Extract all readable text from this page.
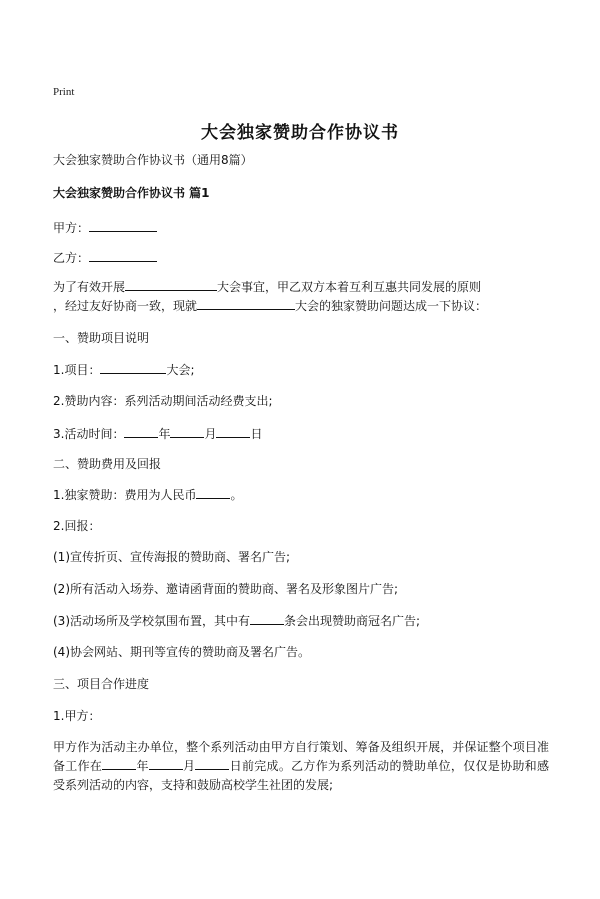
Print
大会独家赞助合作协议书
大会独家赞助合作协议书（通用8篇）
大会独家赞助合作协议书 篇1
甲方：
乙方：
为了有效开展	大会事宜，甲乙双方本着互利互惠共同发展的原则
，经过友好协商一致，现就	大会的独家赞助问题达成一下协议：
一、赞助项目说明
1.项目：	大会;
2.赞助内容：系列活动期间活动经费支出;
3.活动时间：	年	月	日
二、赞助费用及回报
1.独家赞助：费用为人民币	。
2.回报：
(1)宣传折页、宣传海报的赞助商、署名广告;
(2)所有活动入场券、邀请函背面的赞助商、署名及形象图片广告;
(3)活动场所及学校氛围布置，其中有	条会出现赞助商冠名广告;
(4)协会网站、期刊等宣传的赞助商及署名广告。
三、项目合作进度
1.甲方：
甲方作为活动主办单位，整个系列活动由甲方自行策划、筹备及组织开展，并保证整个项目准备工作在	年	月	日前完成。乙方作为系列活动的赞助单位，仅仅是协助和感受系列活动的内容，支持和鼓励高校学生社团的发展;
